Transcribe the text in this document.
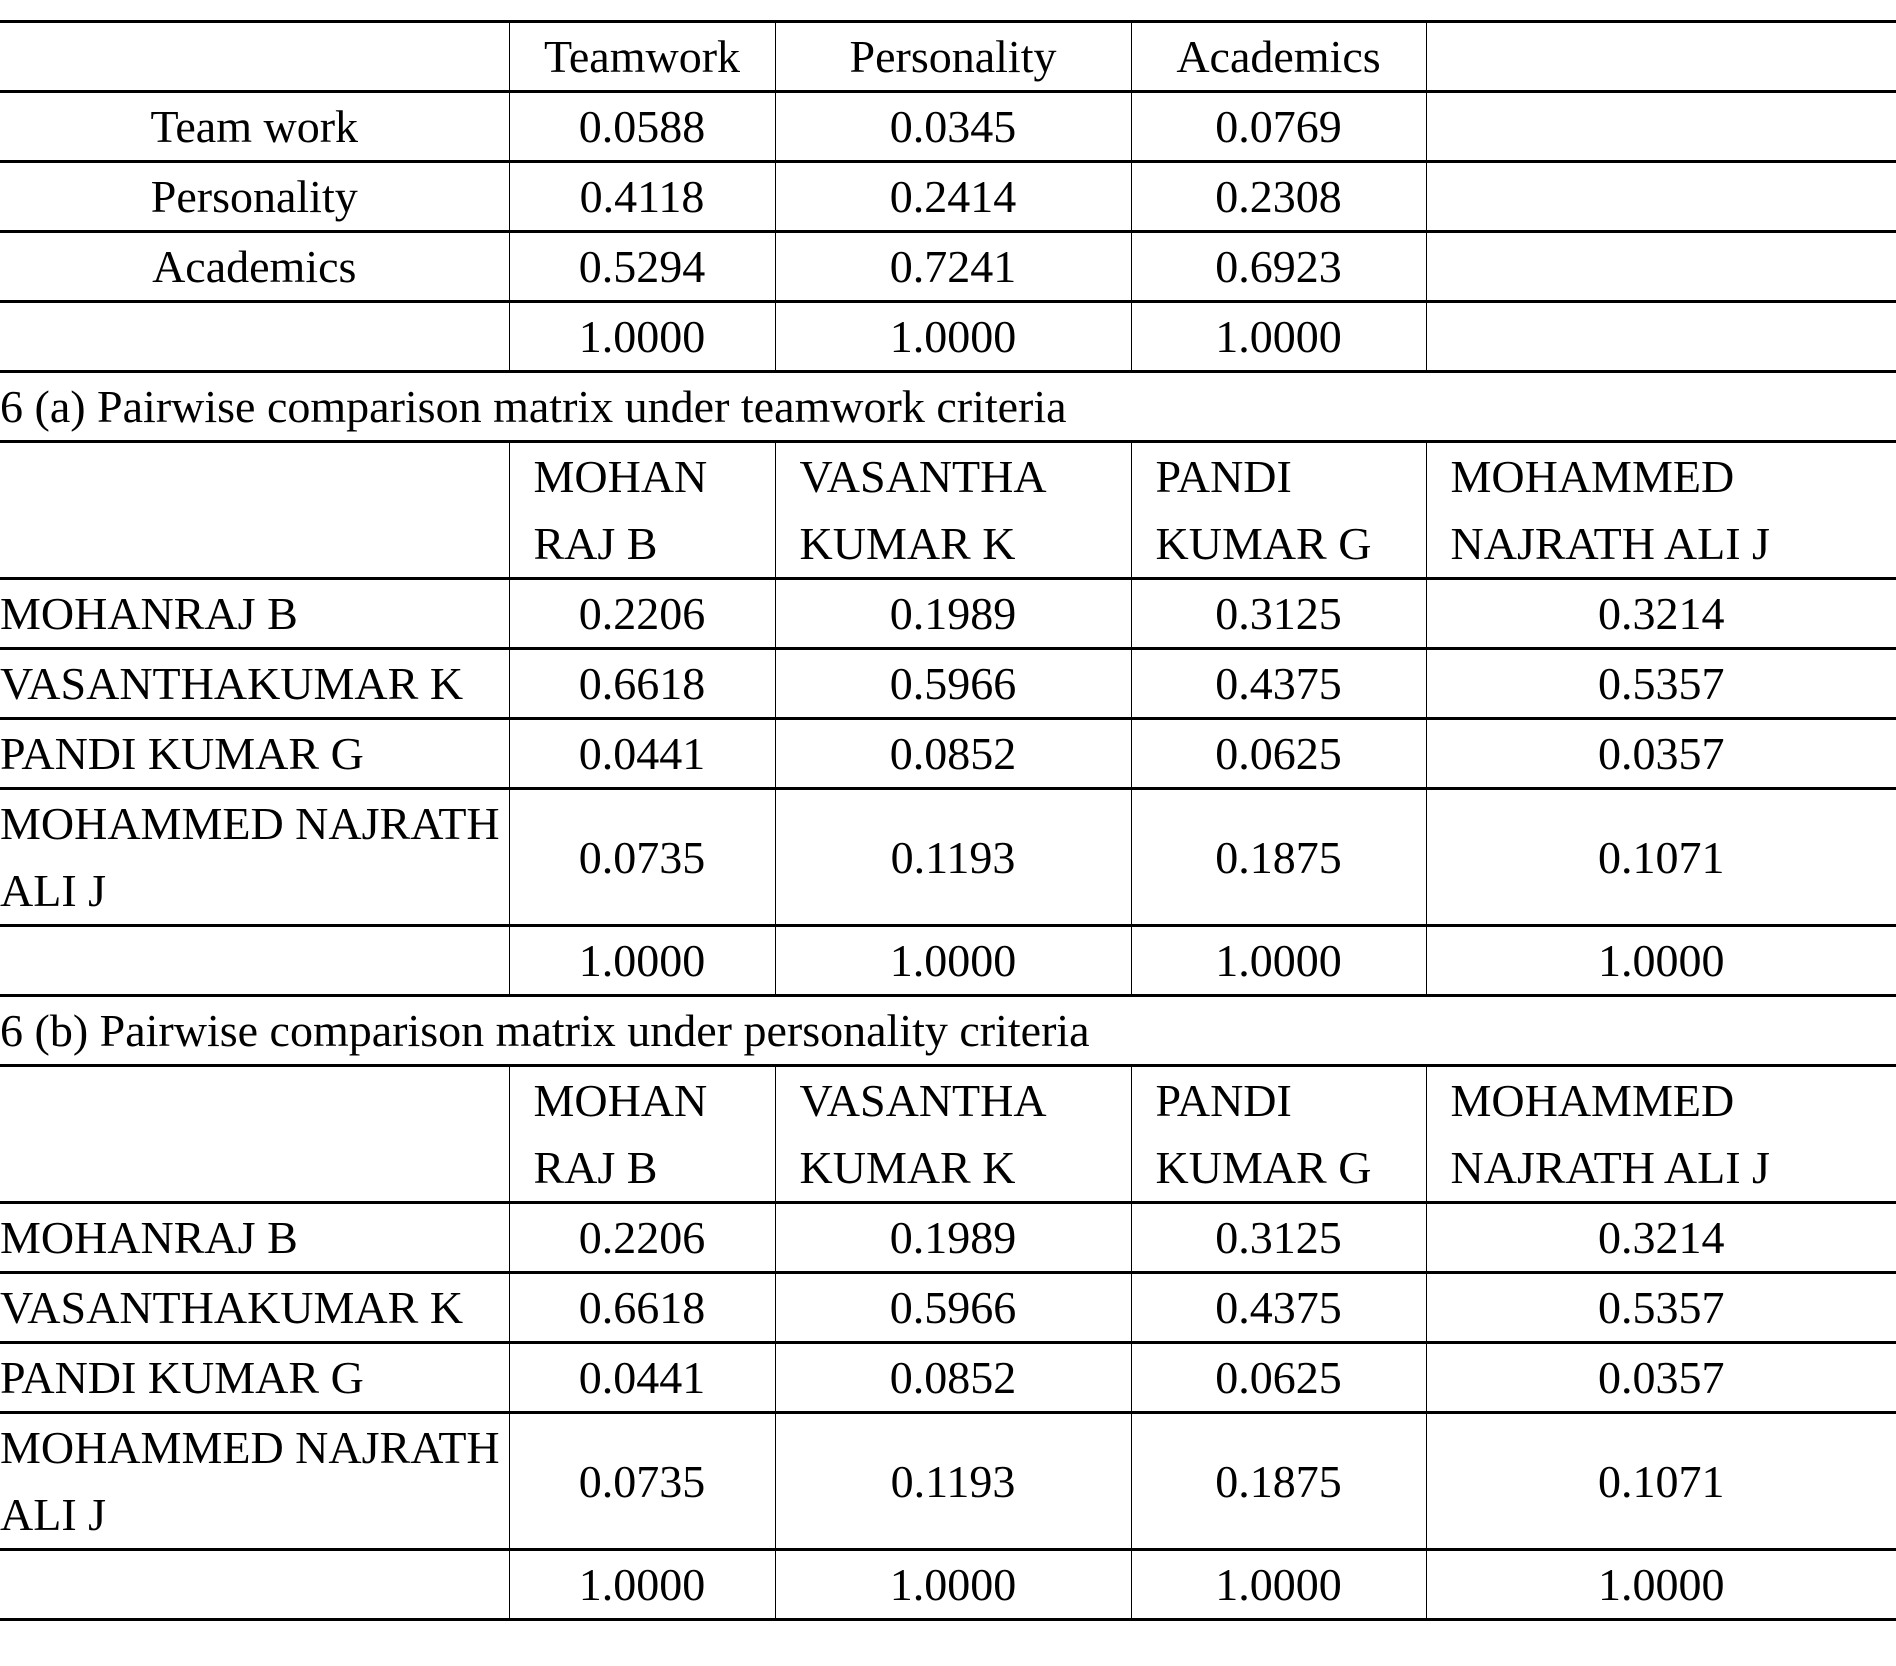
	Teamwork	Personality	Academics	
Team work	0.0588	0.0345	0.0769	
Personality	0.4118	0.2414	0.2308	
Academics	0.5294	0.7241	0.6923	
	1.0000	1.0000	1.0000	
6 (a) Pairwise comparison matrix under teamwork criteria				
	MOHAN RAJ B	VASANTHA KUMAR K	PANDI KUMAR G	MOHAMMED NAJRATH ALI J
MOHANRAJ B	0.2206	0.1989	0.3125	0.3214
VASANTHAKUMAR K	0.6618	0.5966	0.4375	0.5357
PANDI KUMAR G	0.0441	0.0852	0.0625	0.0357
MOHAMMED NAJRATH ALI J	0.0735	0.1193	0.1875	0.1071
	1.0000	1.0000	1.0000	1.0000
6 (b) Pairwise comparison matrix under personality criteria				
	MOHAN RAJ B	VASANTHA KUMAR K	PANDI KUMAR G	MOHAMMED NAJRATH ALI J
MOHANRAJ B	0.2206	0.1989	0.3125	0.3214
VASANTHAKUMAR K	0.6618	0.5966	0.4375	0.5357
PANDI KUMAR G	0.0441	0.0852	0.0625	0.0357
MOHAMMED NAJRATH ALI J	0.0735	0.1193	0.1875	0.1071
	1.0000	1.0000	1.0000	1.0000
